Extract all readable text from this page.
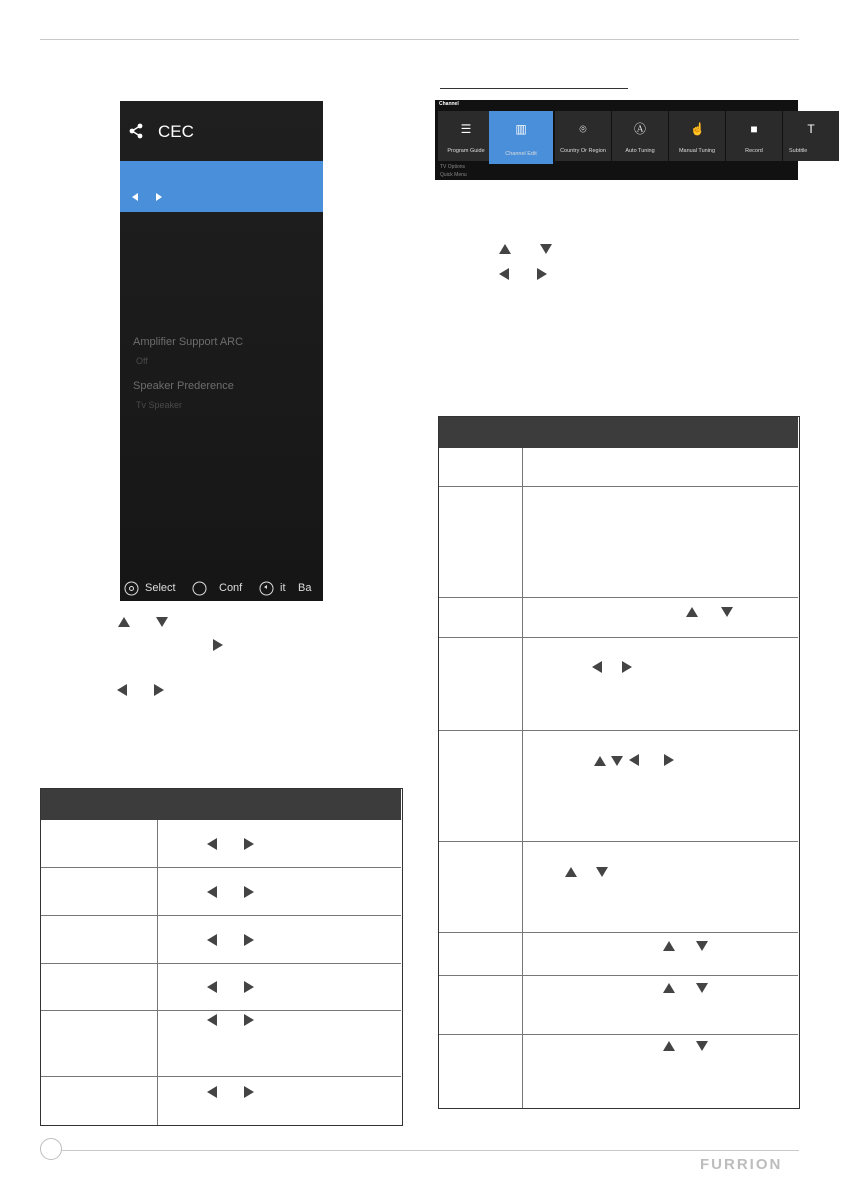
CEC
Amplifier Support ARC
Off
Speaker Prederence
Tv Speaker
Select	Conf	it Ba
Channel
☰
Program Guide
▥
Channel Edit
⌾
Country Or Region
Ⓐ
Auto Tuning
☝
Manual Tuning
■
Record
T
Subtitle
TV Options
Quick Menu
FURRION
